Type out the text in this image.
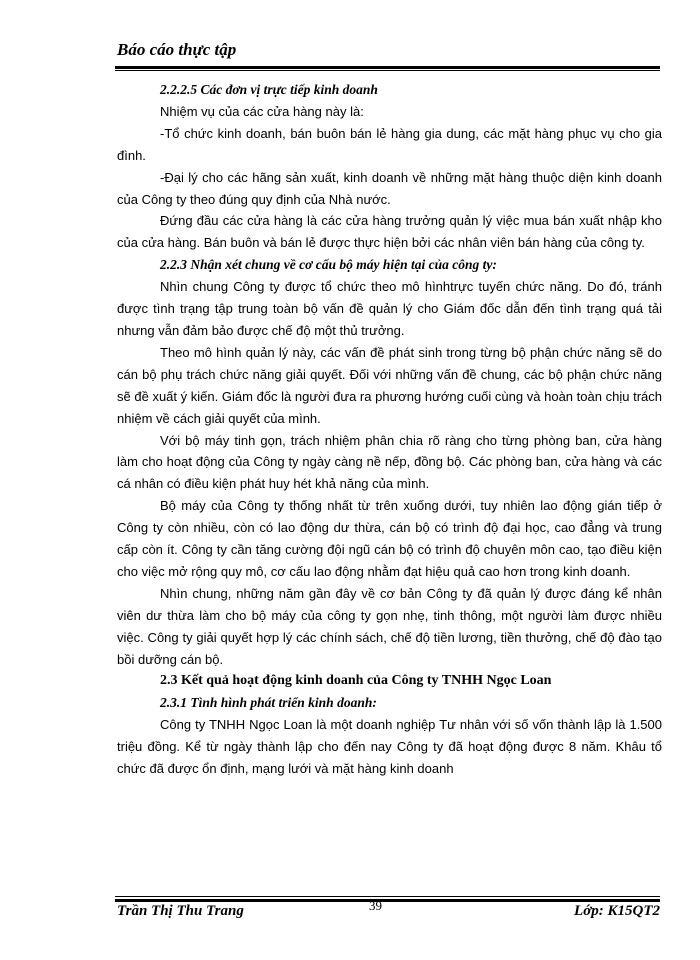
Báo cáo thực tập

2.2.2.5 Các đơn vị trực tiếp kinh doanh

Nhiệm vụ của các cửa hàng này là:

-Tổ chức kinh doanh, bán buôn bán lẻ hàng gia dung, các mặt hàng phục vụ cho gia đình.

-Đại lý cho các hãng sản xuất, kinh doanh về những mặt hàng thuộc diện kinh doanh của Công ty theo đúng quy định của Nhà nước.

Đứng đầu các cửa hàng là các cửa hàng trưởng quản lý việc mua bán xuất nhập kho của cửa hàng. Bán buôn và bán lẻ được thực hiện bởi các nhân viên bán hàng của công ty.

2.2.3 Nhận xét chung về cơ cấu bộ máy hiện tại của công ty:

Nhìn chung Công ty được tổ chức theo mô hìnhtrực tuyến chức năng. Do đó, tránh được tình trạng tập trung toàn bộ vấn đề quản lý cho Giám đốc dẫn đến tình trạng quá tải nhưng vẫn đảm bảo được chế độ một thủ trưởng.

Theo mô hình quản lý này, các vấn đề phát sinh trong từng bộ phận chức năng sẽ do cán bộ phụ trách chức năng giải quyết. Đối với những vấn đề chung, các bộ phận chức năng sẽ đề xuất ý kiến. Giám đốc là người đưa ra phương hướng cuối cùng và hoàn toàn chịu trách nhiệm về cách giải quyết của mình.

Với bộ máy tinh gọn, trách nhiệm phân chia rõ ràng cho từng phòng ban, cửa hàng làm cho hoạt động của Công ty ngày càng nề nếp, đồng bộ. Các phòng ban, cửa hàng và các cá nhân có điều kiện phát huy hét khả năng của mình.

Bộ máy của Công ty thống nhất từ trên xuống dưới, tuy nhiên lao động gián tiếp ở Công ty còn nhiều, còn có lao động dư thừa, cán bộ có trình độ đại học, cao đẳng và trung cấp còn ít. Công ty cần tăng cường đội ngũ cán bộ có trình độ chuyên môn cao, tạo điều kiện cho việc mở rộng quy mô, cơ cấu lao động nhằm đạt hiệu quả cao hơn trong kinh doanh.

Nhìn chung, những năm gần đây về cơ bản Công ty đã quản lý được đáng kể nhân viên dư thừa làm cho bộ máy của công ty gọn nhẹ, tinh thông, một người làm được nhiều việc. Công ty giải quyết hợp lý các chính sách, chế độ tiền lương, tiền thưởng, chế độ đào tạo bồi dưỡng cán bộ.

2.3 Kết quả hoạt động kinh doanh của Công ty TNHH Ngọc Loan

2.3.1 Tình hình phát triển kinh doanh:

Công ty TNHH Ngọc Loan là một doanh nghiệp Tư nhân với số vốn thành lập là 1.500 triệu đồng. Kể từ ngày thành lập cho đến nay Công ty đã hoạt động được 8 năm. Khâu tổ chức đã được ổn định, mạng lưới và mặt hàng kinh doanh

Trần Thị Thu Trang	39	Lớp: K15QT2
